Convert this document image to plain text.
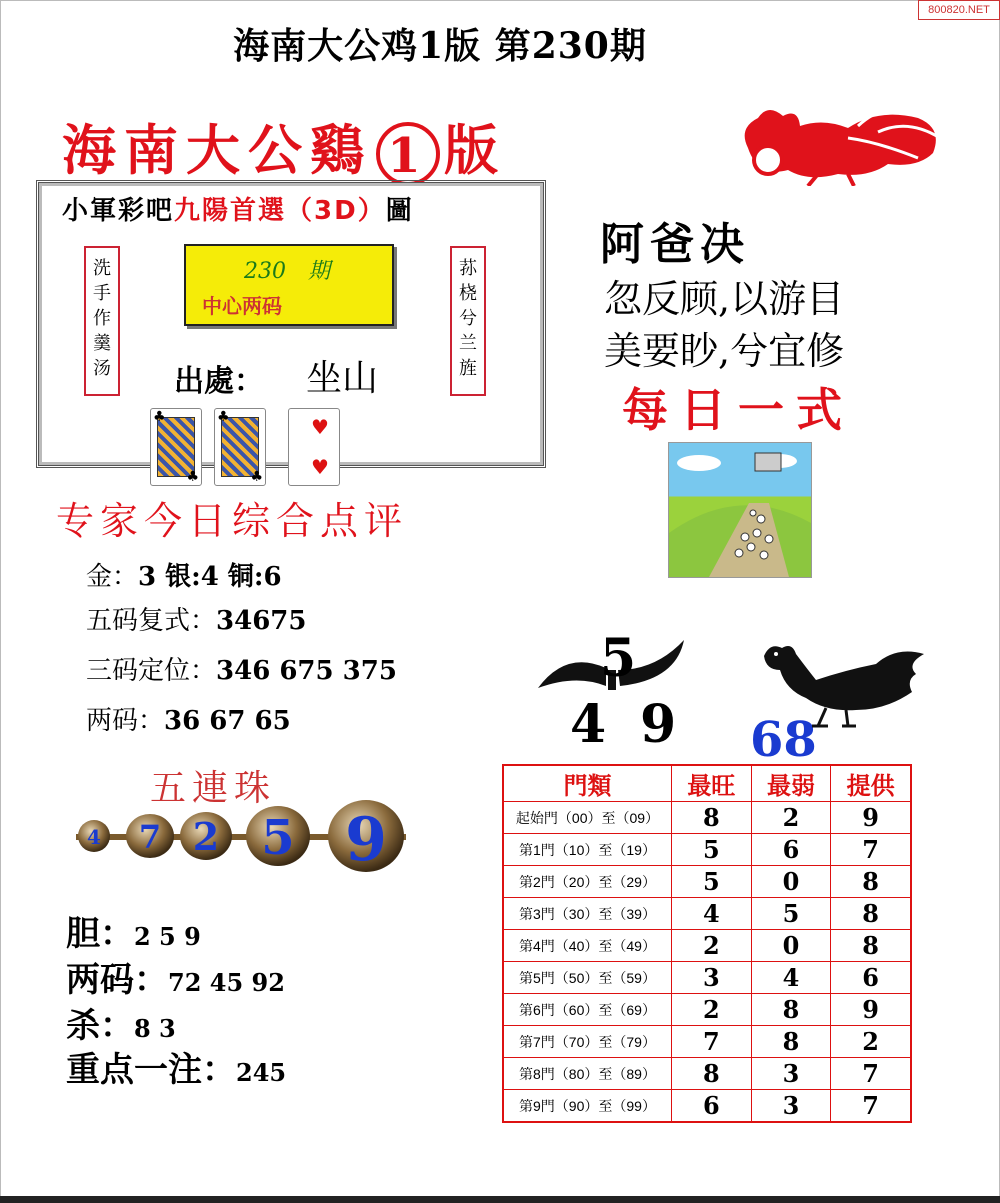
800820.NET
海南大公鸡1版 第230期
海南大公鷄 1 版
小軍彩吧九陽首選（3D）圖
洗手作羹汤
荪桡兮兰旌
230　期
中心两码
出處： 坐山
♣
♣
♣
♣
♥
♥
阿爸决
忽反顾,以游目
美要眇,兮宜修
每日一式
专家今日综合点评
金：3 银:4 铜:6
五码复式：34675
三码定位：346 675 375
两码：36 67 65
5
4 9 68
五連珠
4 7 2 5 9
胆：2 5 9
两码：72 45 92
杀：8 3
重点一注：245
門類	最旺	最弱	提供
起始門（00）至（09）	8	2	9
第1門（10）至（19）	5	6	7
第2門（20）至（29）	5	0	8
第3門（30）至（39）	4	5	8
第4門（40）至（49）	2	0	8
第5門（50）至（59）	3	4	6
第6門（60）至（69）	2	8	9
第7門（70）至（79）	7	8	2
第8門（80）至（89）	8	3	7
第9門（90）至（99）	6	3	7
